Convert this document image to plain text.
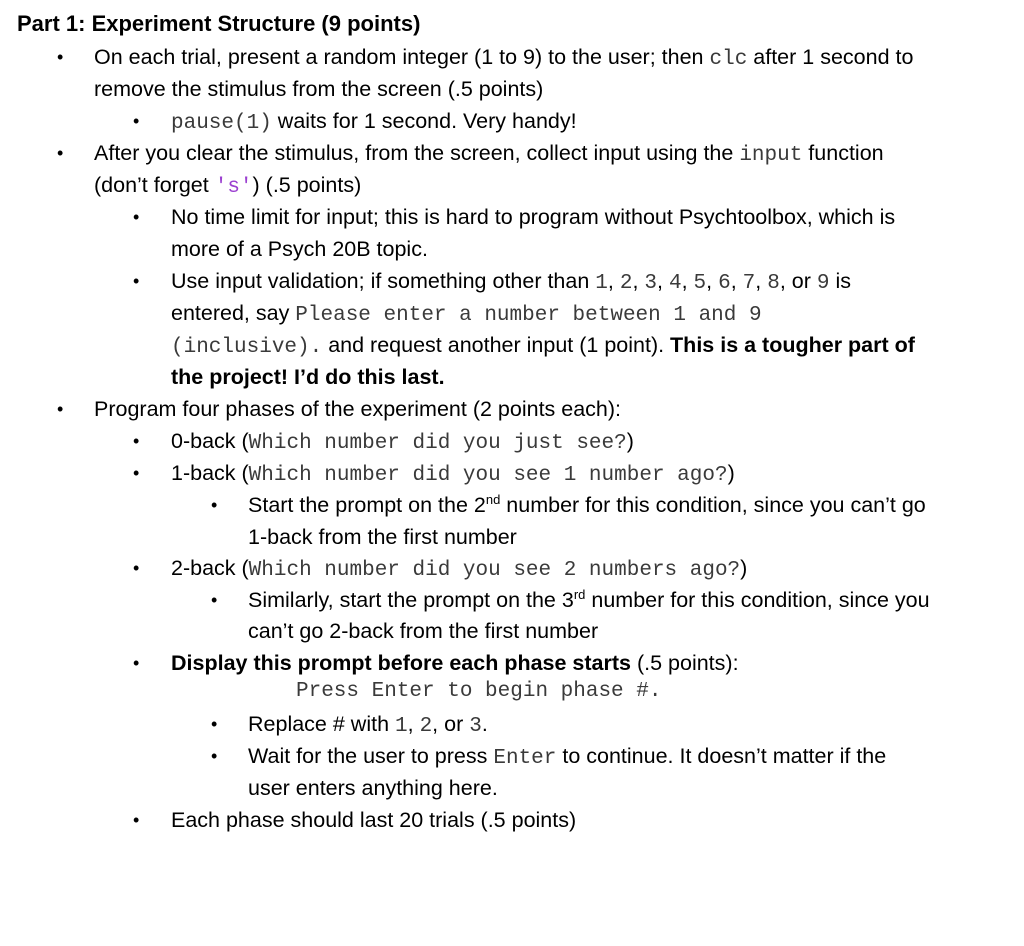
Part 1: Experiment Structure (9 points)
• On each trial, present a random integer (1 to 9) to the user; then clc after 1 second to
remove the stimulus from the screen (.5 points)
• pause(1) waits for 1 second. Very handy!
• After you clear the stimulus, from the screen, collect input using the input function
(don’t forget 's') (.5 points)
• No time limit for input; this is hard to program without Psychtoolbox, which is
more of a Psych 20B topic.
• Use input validation; if something other than 1, 2, 3, 4, 5, 6, 7, 8, or 9 is
entered, say Please enter a number between 1 and 9
(inclusive). and request another input (1 point). This is a tougher part of
the project! I’d do this last.
• Program four phases of the experiment (2 points each):
• 0-back (Which number did you just see?)
• 1-back (Which number did you see 1 number ago?)
• Start the prompt on the 2nd number for this condition, since you can’t go
1-back from the first number
• 2-back (Which number did you see 2 numbers ago?)
• Similarly, start the prompt on the 3rd number for this condition, since you
can’t go 2-back from the first number
• Display this prompt before each phase starts (.5 points):
Press Enter to begin phase #.
• Replace # with 1, 2, or 3.
• Wait for the user to press Enter to continue. It doesn’t matter if the
user enters anything here.
• Each phase should last 20 trials (.5 points)
